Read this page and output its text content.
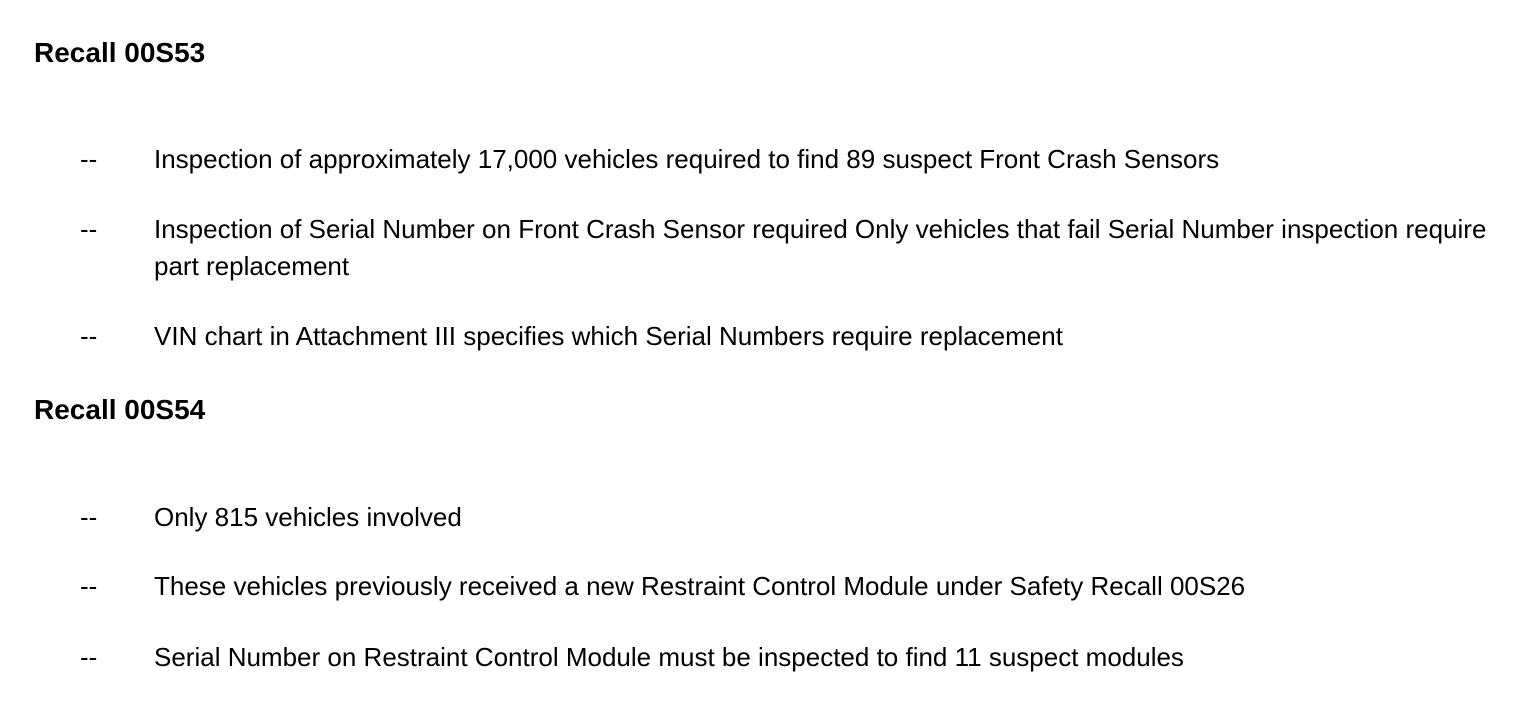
Recall 00S53
-- Inspection of approximately 17,000 vehicles required to find 89 suspect Front Crash Sensors
-- Inspection of Serial Number on Front Crash Sensor required Only vehicles that fail Serial Number inspection require part replacement
-- VIN chart in Attachment III specifies which Serial Numbers require replacement
Recall 00S54
-- Only 815 vehicles involved
-- These vehicles previously received a new Restraint Control Module under Safety Recall 00S26
-- Serial Number on Restraint Control Module must be inspected to find 11 suspect modules
